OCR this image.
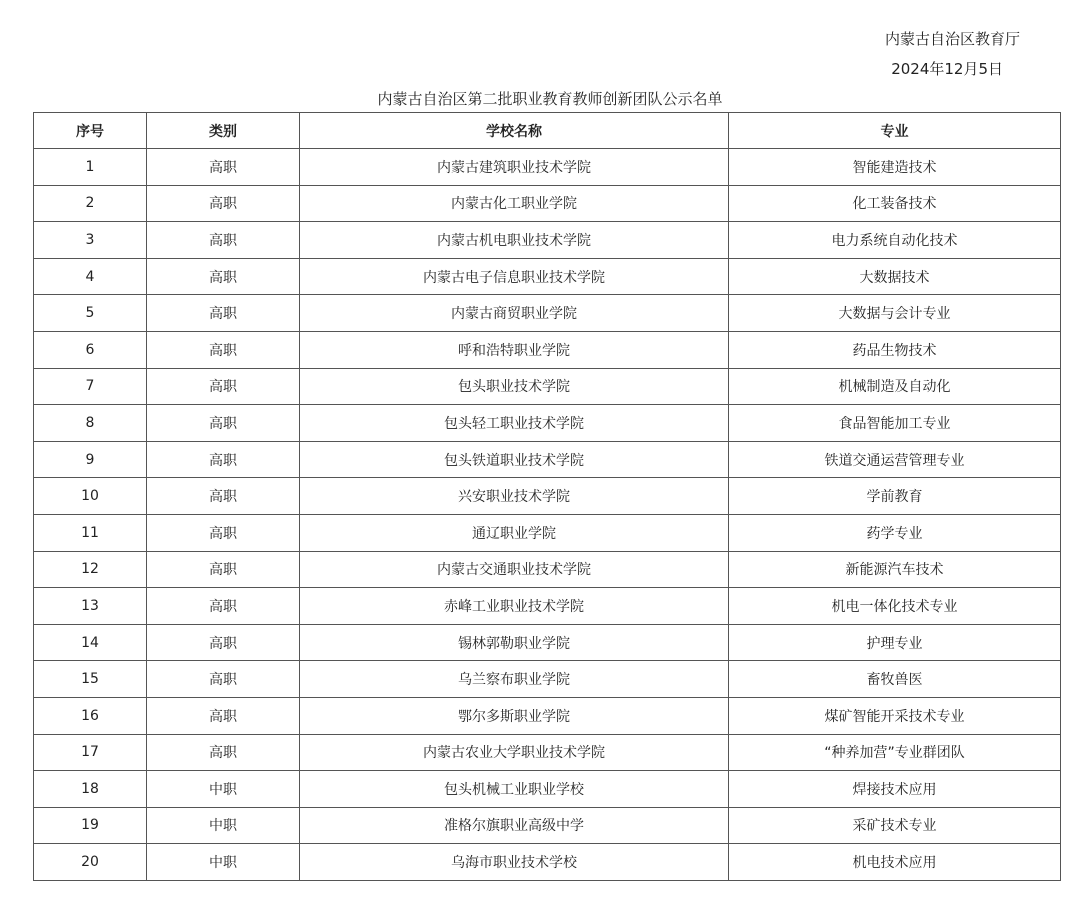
内蒙古自治区教育厅
2024年12月5日
内蒙古自治区第二批职业教育教师创新团队公示名单
序号	类别	学校名称	专业
1	高职	内蒙古建筑职业技术学院	智能建造技术
2	高职	内蒙古化工职业学院	化工装备技术
3	高职	内蒙古机电职业技术学院	电力系统自动化技术
4	高职	内蒙古电子信息职业技术学院	大数据技术
5	高职	内蒙古商贸职业学院	大数据与会计专业
6	高职	呼和浩特职业学院	药品生物技术
7	高职	包头职业技术学院	机械制造及自动化
8	高职	包头轻工职业技术学院	食品智能加工专业
9	高职	包头铁道职业技术学院	铁道交通运营管理专业
10	高职	兴安职业技术学院	学前教育
11	高职	通辽职业学院	药学专业
12	高职	内蒙古交通职业技术学院	新能源汽车技术
13	高职	赤峰工业职业技术学院	机电一体化技术专业
14	高职	锡林郭勒职业学院	护理专业
15	高职	乌兰察布职业学院	畜牧兽医
16	高职	鄂尔多斯职业学院	煤矿智能开采技术专业
17	高职	内蒙古农业大学职业技术学院	“种养加营”专业群团队
18	中职	包头机械工业职业学校	焊接技术应用
19	中职	准格尔旗职业高级中学	采矿技术专业
20	中职	乌海市职业技术学校	机电技术应用
